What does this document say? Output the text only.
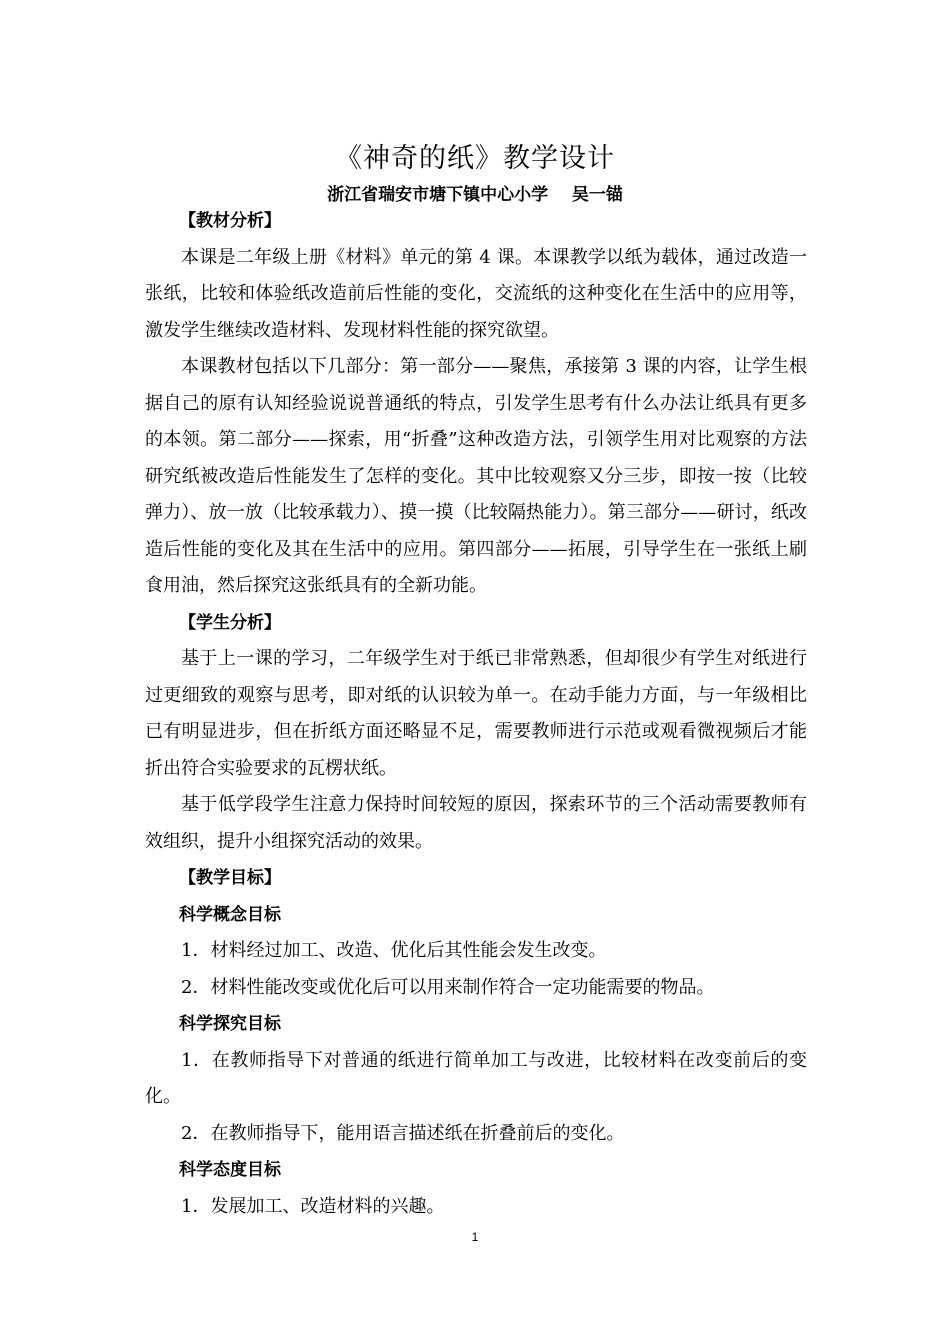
《神奇的纸》教学设计
浙江省瑞安市塘下镇中心小学    吴一锚

【教材分析】

本课是二年级上册《材料》单元的第 4 课。本课教学以纸为载体，通过改造一张纸，比较和体验纸改造前后性能的变化，交流纸的这种变化在生活中的应用等，激发学生继续改造材料、发现材料性能的探究欲望。

本课教材包括以下几部分：第一部分——聚焦，承接第 3 课的内容，让学生根据自己的原有认知经验说说普通纸的特点，引发学生思考有什么办法让纸具有更多的本领。第二部分——探索，用“折叠”这种改造方法，引领学生用对比观察的方法研究纸被改造后性能发生了怎样的变化。其中比较观察又分三步，即按一按（比较弹力）、放一放（比较承载力）、摸一摸（比较隔热能力）。第三部分——研讨，纸改造后性能的变化及其在生活中的应用。第四部分——拓展，引导学生在一张纸上刷食用油，然后探究这张纸具有的全新功能。

【学生分析】

基于上一课的学习，二年级学生对于纸已非常熟悉，但却很少有学生对纸进行过更细致的观察与思考，即对纸的认识较为单一。在动手能力方面，与一年级相比已有明显进步，但在折纸方面还略显不足，需要教师进行示范或观看微视频后才能折出符合实验要求的瓦楞状纸。

基于低学段学生注意力保持时间较短的原因，探索环节的三个活动需要教师有效组织，提升小组探究活动的效果。

【教学目标】

科学概念目标

1．材料经过加工、改造、优化后其性能会发生改变。

2．材料性能改变或优化后可以用来制作符合一定功能需要的物品。

科学探究目标

1．在教师指导下对普通的纸进行简单加工与改进，比较材料在改变前后的变化。

2．在教师指导下，能用语言描述纸在折叠前后的变化。

科学态度目标

1．发展加工、改造材料的兴趣。

1
